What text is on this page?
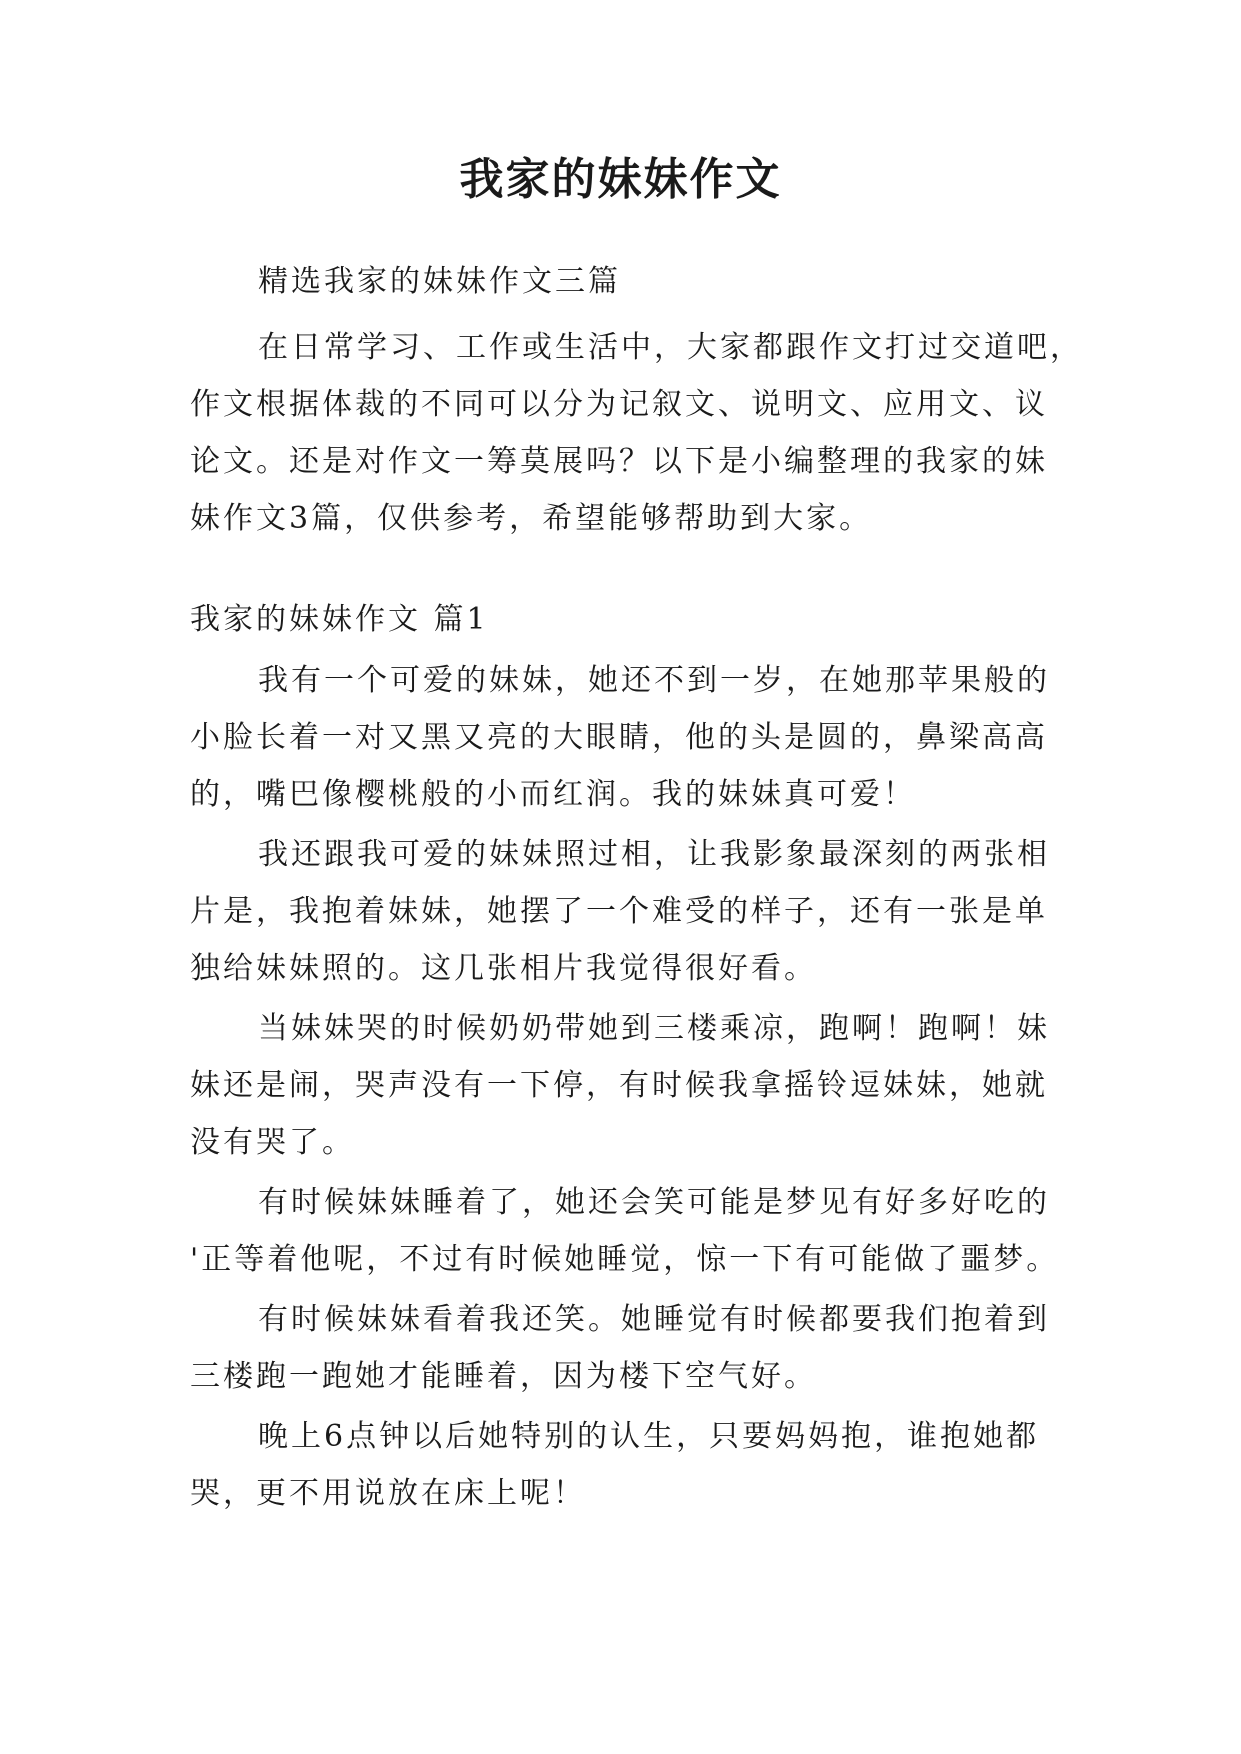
我家的妹妹作文
精选我家的妹妹作文三篇
在日常学习、工作或生活中，大家都跟作文打过交道吧，
作文根据体裁的不同可以分为记叙文、说明文、应用文、议
论文。还是对作文一筹莫展吗？以下是小编整理的我家的妹
妹作文3篇，仅供参考，希望能够帮助到大家。
我家的妹妹作文 篇1
我有一个可爱的妹妹，她还不到一岁，在她那苹果般的
小脸长着一对又黑又亮的大眼睛，他的头是圆的，鼻梁高高
的，嘴巴像樱桃般的小而红润。我的妹妹真可爱！
我还跟我可爱的妹妹照过相，让我影象最深刻的两张相
片是，我抱着妹妹，她摆了一个难受的样子，还有一张是单
独给妹妹照的。这几张相片我觉得很好看。
当妹妹哭的时候奶奶带她到三楼乘凉，跑啊！跑啊！妹
妹还是闹，哭声没有一下停，有时候我拿摇铃逗妹妹，她就
没有哭了。
有时候妹妹睡着了，她还会笑可能是梦见有好多好吃的
'正等着他呢，不过有时候她睡觉，惊一下有可能做了噩梦。
有时候妹妹看着我还笑。她睡觉有时候都要我们抱着到
三楼跑一跑她才能睡着，因为楼下空气好。
晚上6点钟以后她特别的认生，只要妈妈抱，谁抱她都
哭，更不用说放在床上呢！
